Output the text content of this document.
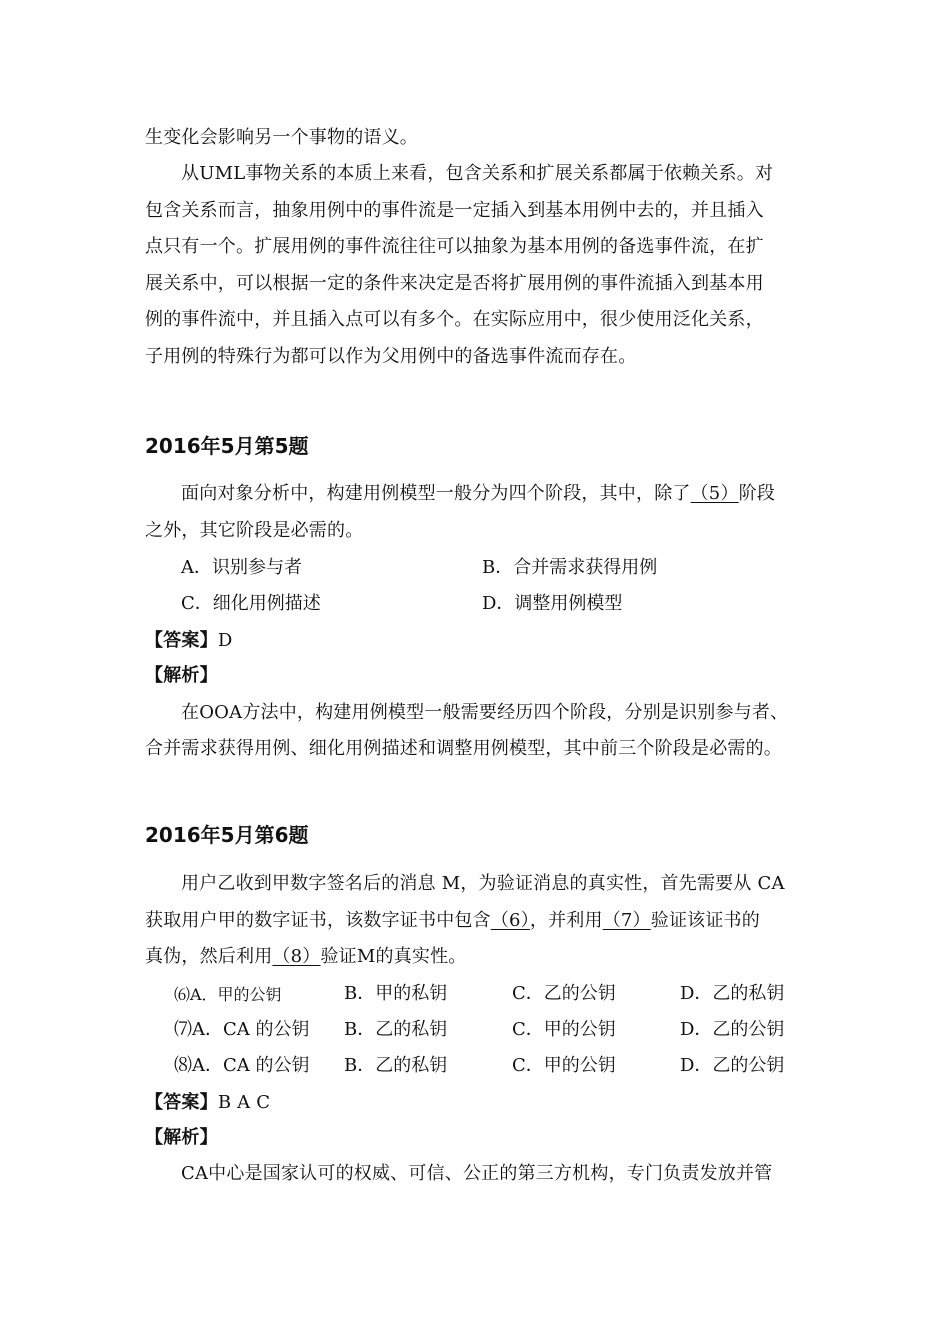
生变化会影响另一个事物的语义。
从UML事物关系的本质上来看，包含关系和扩展关系都属于依赖关系。对
包含关系而言，抽象用例中的事件流是一定插入到基本用例中去的，并且插入
点只有一个。扩展用例的事件流往往可以抽象为基本用例的备选事件流，在扩
展关系中，可以根据一定的条件来决定是否将扩展用例的事件流插入到基本用
例的事件流中，并且插入点可以有多个。在实际应用中，很少使用泛化关系，
子用例的特殊行为都可以作为父用例中的备选事件流而存在。
2016年5月第5题
面向对象分析中，构建用例模型一般分为四个阶段，其中，除了（5）阶段
之外，其它阶段是必需的。
A．识别参与者	B．合并需求获得用例
C．细化用例描述	D．调整用例模型
【答案】D
【解析】
在OOA方法中，构建用例模型一般需要经历四个阶段，分别是识别参与者、
合并需求获得用例、细化用例描述和调整用例模型，其中前三个阶段是必需的。
2016年5月第6题
用户乙收到甲数字签名后的消息 M，为验证消息的真实性，首先需要从 CA
获取用户甲的数字证书，该数字证书中包含（6），并利用（7）验证该证书的
真伪，然后利用（8）验证M的真实性。
⑹A．甲的公钥	B．甲的私钥	C．乙的公钥	D．乙的私钥
⑺A．CA 的公钥 B．乙的私钥	C．甲的公钥	D．乙的公钥
⑻A．CA 的公钥 B．乙的私钥	C．甲的公钥	D．乙的公钥
【答案】B A C
【解析】
CA中心是国家认可的权威、可信、公正的第三方机构，专门负责发放并管
